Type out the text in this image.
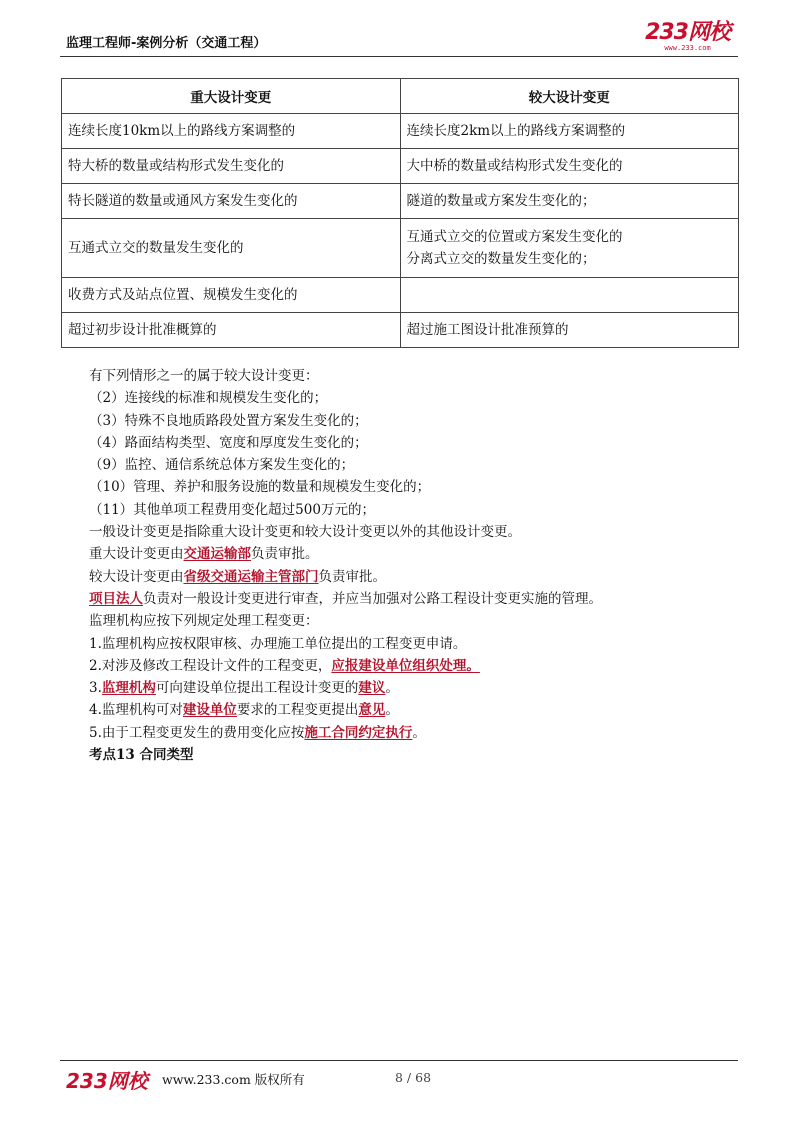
监理工程师-案例分析（交通工程）	233网校
www.233.com
重大设计变更	较大设计变更
连续长度10km以上的路线方案调整的	连续长度2km以上的路线方案调整的
特大桥的数量或结构形式发生变化的	大中桥的数量或结构形式发生变化的
特长隧道的数量或通风方案发生变化的	隧道的数量或方案发生变化的；
互通式立交的数量发生变化的	互通式立交的位置或方案发生变化的
分离式立交的数量发生变化的；

收费方式及站点位置、规模发生变化的	
超过初步设计批准概算的	超过施工图设计批准预算的

有下列情形之一的属于较大设计变更：

（2）连接线的标准和规模发生变化的；

（3）特殊不良地质路段处置方案发生变化的；

（4）路面结构类型、宽度和厚度发生变化的；

（9）监控、通信系统总体方案发生变化的；

（10）管理、养护和服务设施的数量和规模发生变化的；

（11）其他单项工程费用变化超过500万元的；

一般设计变更是指除重大设计变更和较大设计变更以外的其他设计变更。

重大设计变更由交通运输部负责审批。

较大设计变更由省级交通运输主管部门负责审批。

项目法人负责对一般设计变更进行审查，并应当加强对公路工程设计变更实施的管理。

监理机构应按下列规定处理工程变更：

1.监理机构应按权限审核、办理施工单位提出的工程变更申请。

2.对涉及修改工程设计文件的工程变更，应报建设单位组织处理。

3.监理机构可向建设单位提出工程设计变更的建议。

4.监理机构可对建设单位要求的工程变更提出意见。

5.由于工程变更发生的费用变化应按施工合同约定执行。

考点13 合同类型

233网校 www.233.com 版权所有	8 / 68
